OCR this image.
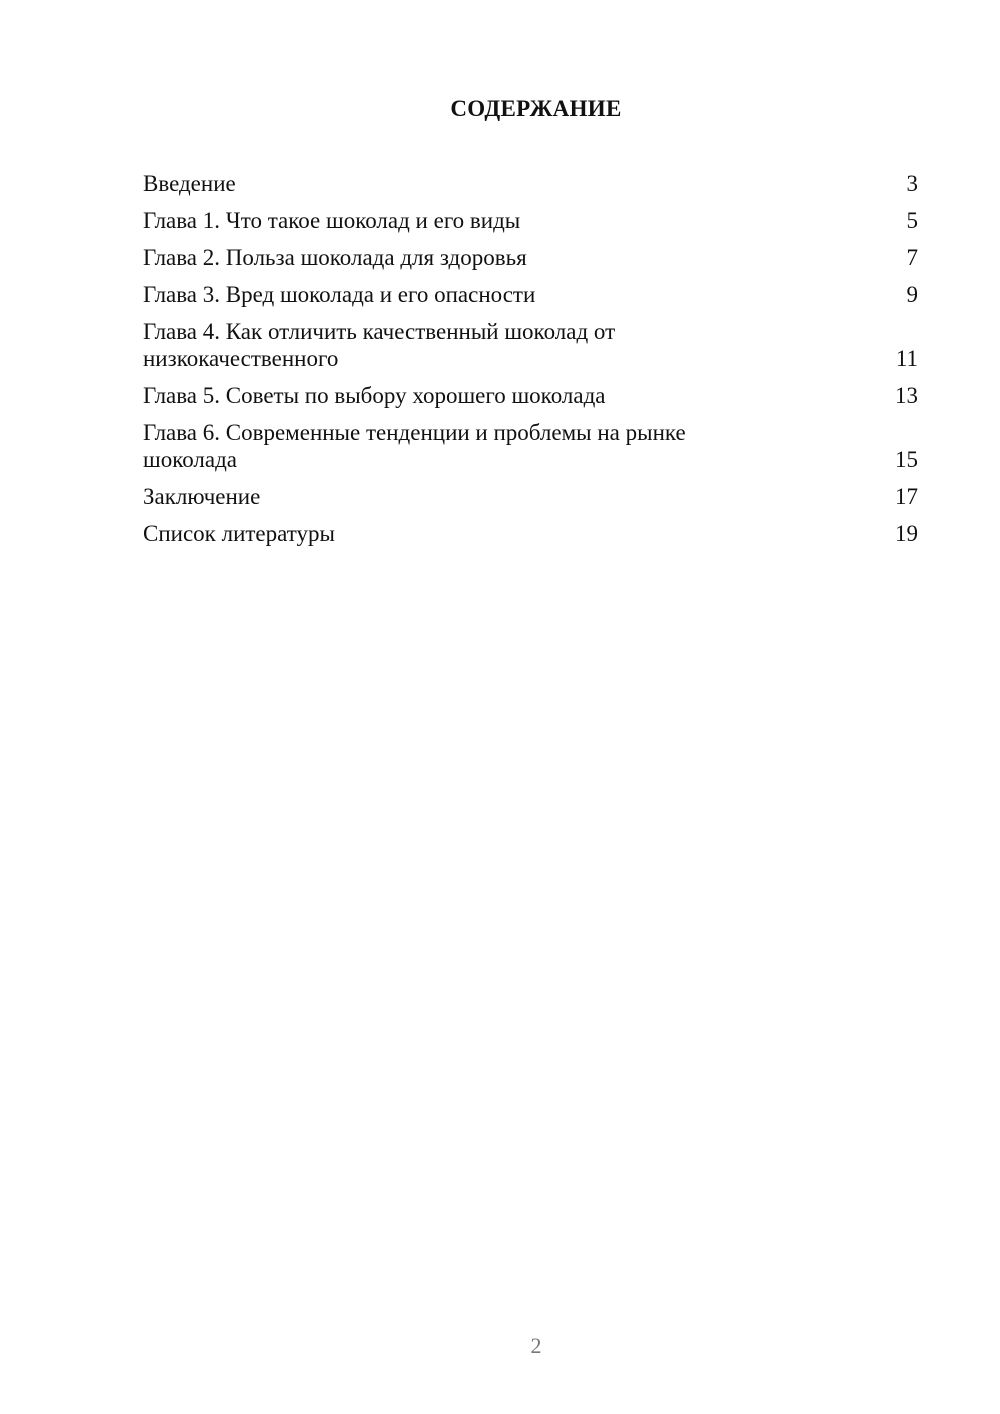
СОДЕРЖАНИЕ
Введение	3
Глава 1. Что такое шоколад и его виды	5
Глава 2. Польза шоколада для здоровья	7
Глава 3. Вред шоколада и его опасности	9
Глава 4. Как отличить качественный шоколад от низкокачественного	11
Глава 5. Советы по выбору хорошего шоколада	13
Глава 6. Современные тенденции и проблемы на рынке шоколада	15
Заключение	17
Список литературы	19
2
